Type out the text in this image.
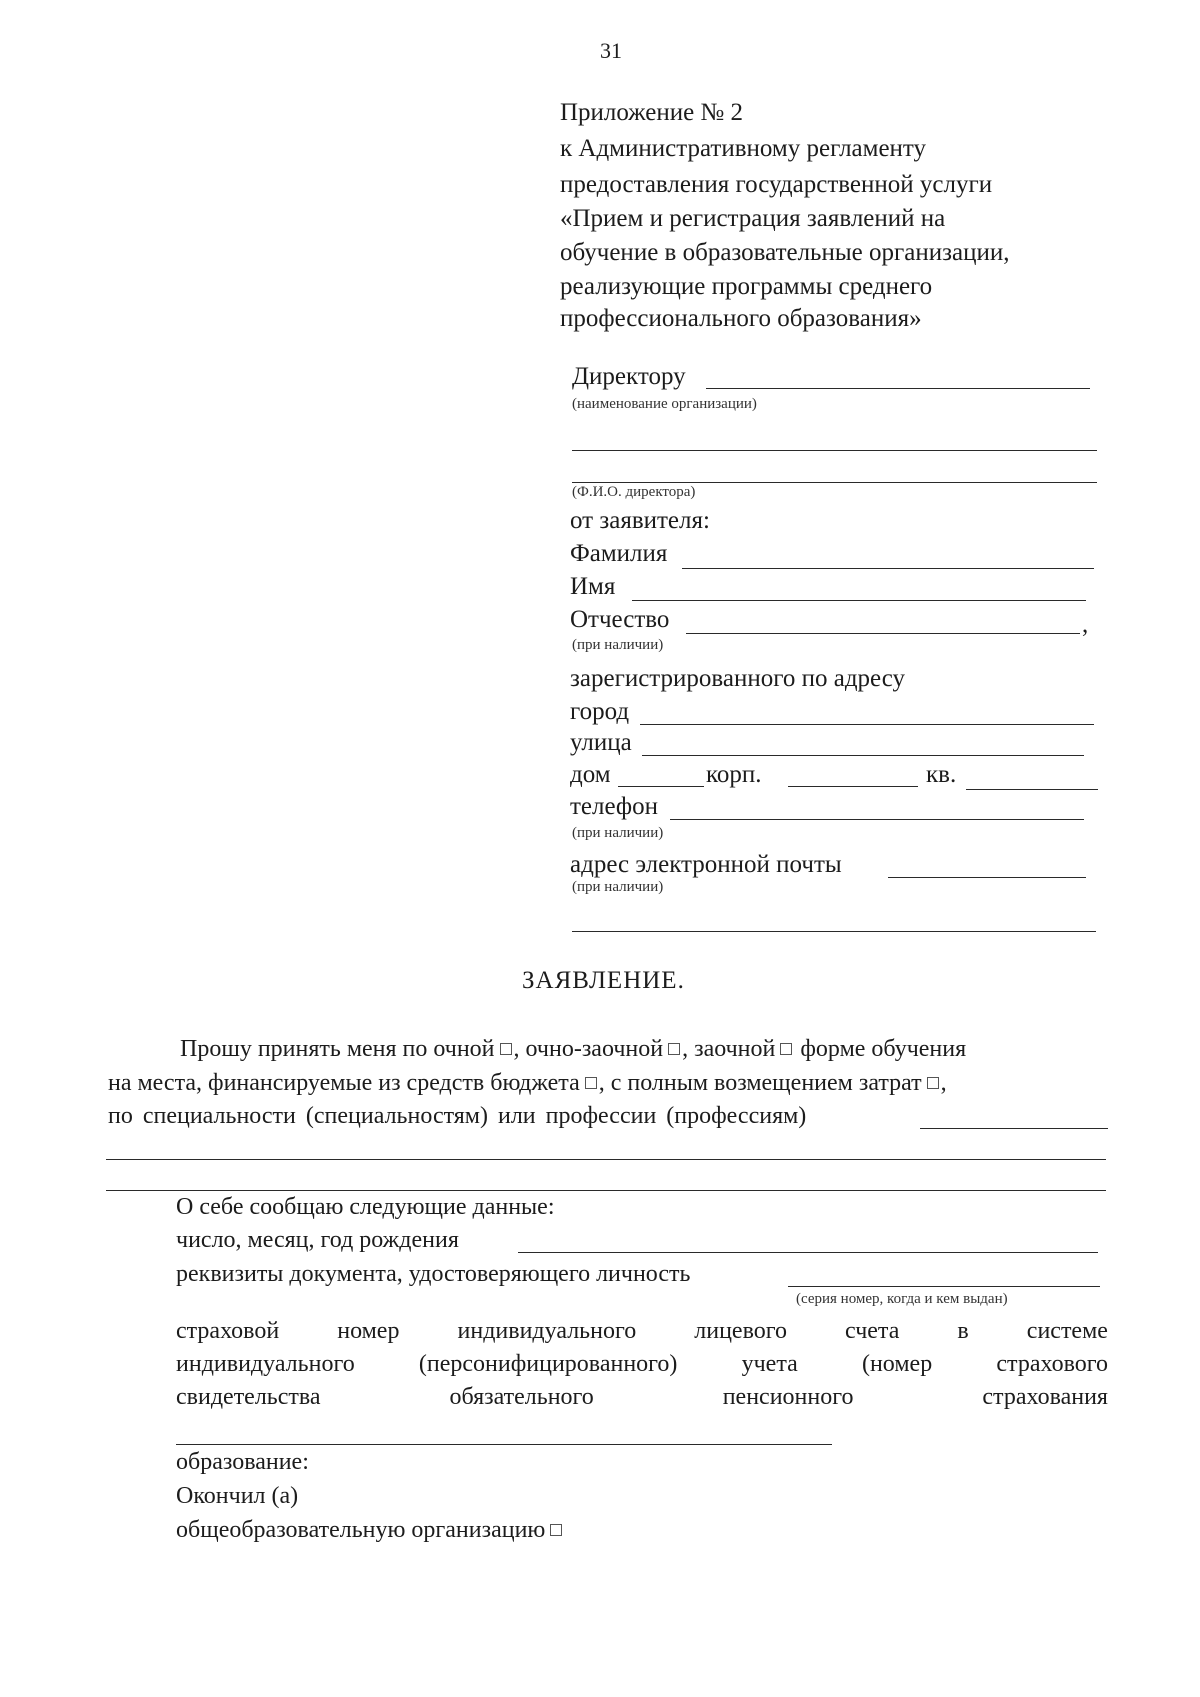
31
Приложение № 2
к Административному регламенту
предоставления государственной услуги
«Прием и регистрация заявлений на
обучение в образовательные организации,
реализующие программы среднего
профессионального образования»
Директору
(наименование организации)
(Ф.И.О. директора)
от заявителя:
Фамилия
Имя
Отчество	,
(при наличии)
зарегистрированного по адресу
город
улица
дом	корп.	кв.
телефон
(при наличии)
адрес электронной почты
(при наличии)
ЗАЯВЛЕНИЕ.
Прошу принять меня по очной , очно-заочной , заочной форме обучения
на места, финансируемые из средств бюджета , с полным возмещением затрат ,
по специальности (специальностям) или профессии (профессиям)
О себе сообщаю следующие данные:
число, месяц, год рождения
реквизиты документа, удостоверяющего личность
(серия номер, когда и кем выдан)
страховой номер индивидуального лицевого счета в системе
индивидуального	(персонифицированного)	учета	(номер	страхового
свидетельства	обязательного	пенсионного	страхования
образование:
Окончил (а)
общеобразовательную организацию
